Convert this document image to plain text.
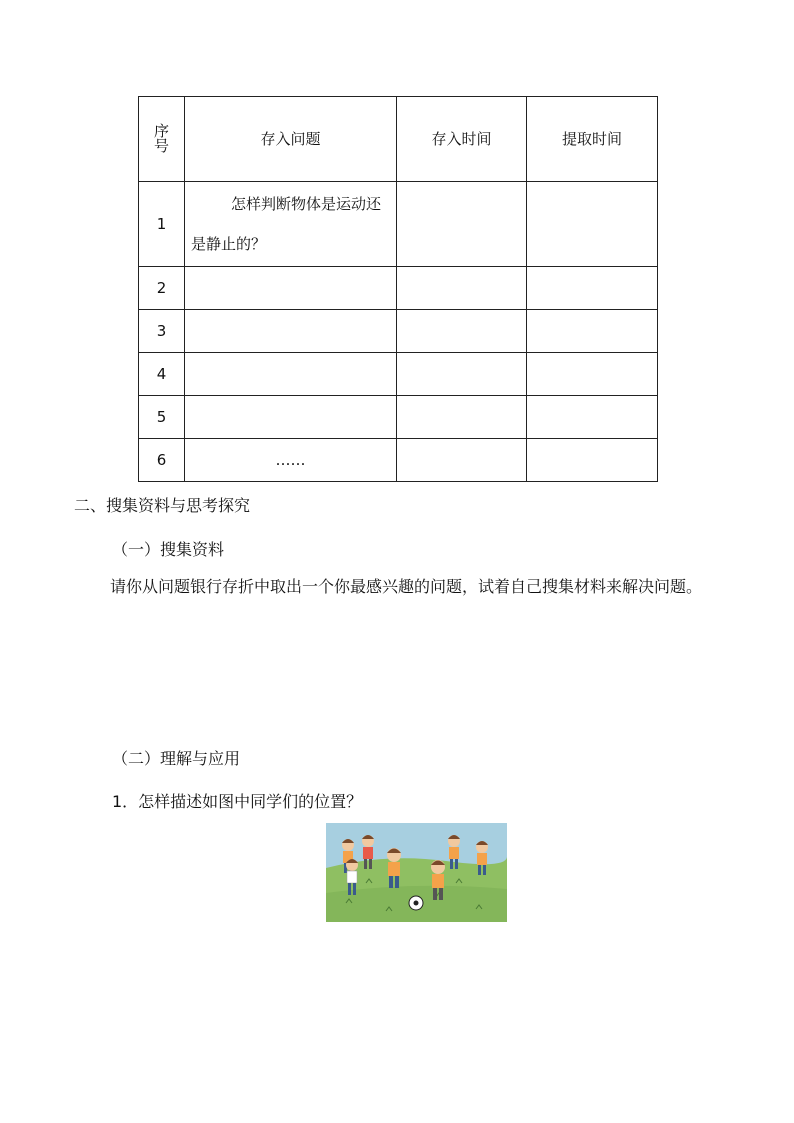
序
号	存入问题	存入时间	提取时间
1	怎样判断物体是运动还是静止的？		
2			
3			
4			
5			
6	……		
二、搜集资料与思考探究
（一）搜集资料
请你从问题银行存折中取出一个你最感兴趣的问题，试着自己搜集材料来解决问题。
（二）理解与应用
1．怎样描述如图中同学们的位置？
